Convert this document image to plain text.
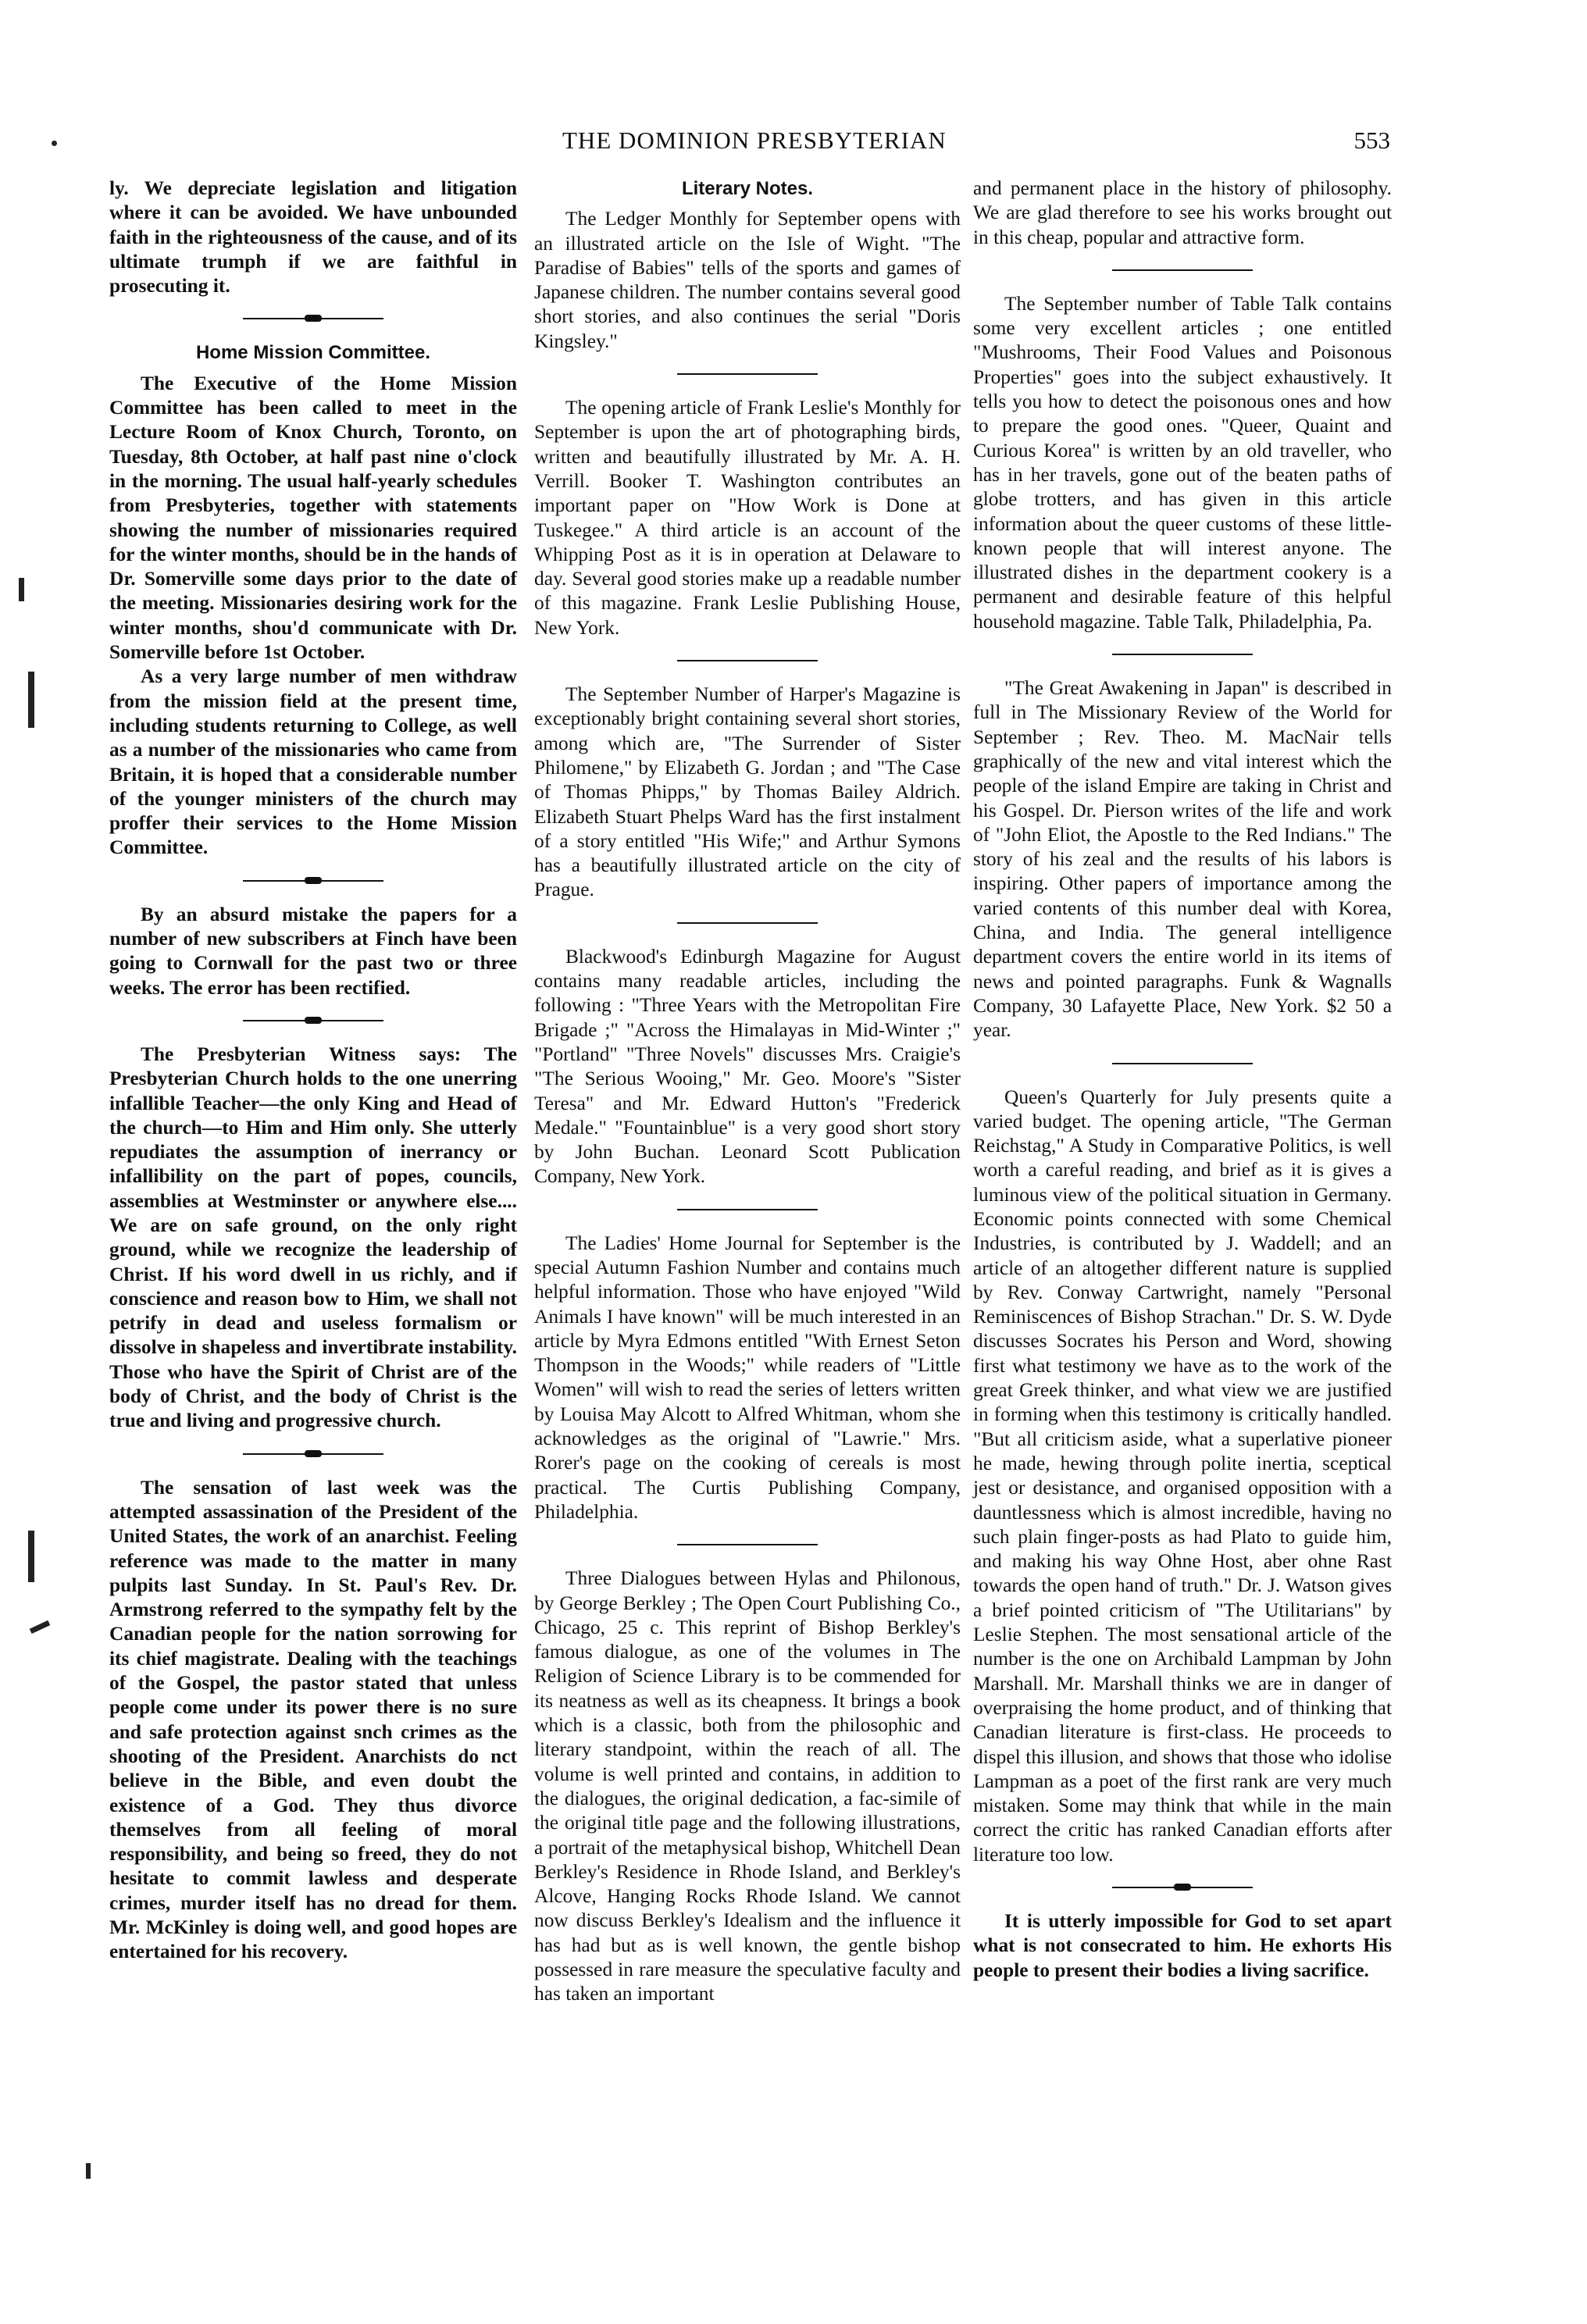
THE DOMINION PRESBYTERIAN	553

ly. We depreciate legislation and litigation where it can be avoided. We have unbounded faith in the righteousness of the cause, and of its ultimate trumph if we are faithful in prosecuting it.

Home Mission Committee.

The Executive of the Home Mission Committee has been called to meet in the Lecture Room of Knox Church, Toronto, on Tuesday, 8th October, at half past nine o'clock in the morning. The usual half-yearly schedules from Presbyteries, together with statements showing the number of missionaries required for the winter months, should be in the hands of Dr. Somerville some days prior to the date of the meeting. Missionaries desiring work for the winter months, shou'd communicate with Dr. Somerville before 1st October.

As a very large number of men withdraw from the mission field at the present time, including students returning to College, as well as a number of the missionaries who came from Britain, it is hoped that a considerable number of the younger ministers of the church may proffer their services to the Home Mission Committee.

By an absurd mistake the papers for a number of new subscribers at Finch have been going to Cornwall for the past two or three weeks. The error has been rectified.

The Presbyterian Witness says: The Presbyterian Church holds to the one unerring infallible Teacher—the only King and Head of the church—to Him and Him only. She utterly repudiates the assumption of inerrancy or infallibility on the part of popes, councils, assemblies at Westminster or anywhere else.... We are on safe ground, on the only right ground, while we recognize the leadership of Christ. If his word dwell in us richly, and if conscience and reason bow to Him, we shall not petrify in dead and useless formalism or dissolve in shapeless and invertibrate instability. Those who have the Spirit of Christ are of the body of Christ, and the body of Christ is the true and living and progressive church.

The sensation of last week was the attempted assassination of the President of the United States, the work of an anarchist. Feeling reference was made to the matter in many pulpits last Sunday. In St. Paul's Rev. Dr. Armstrong referred to the sympathy felt by the Canadian people for the nation sorrowing for its chief magistrate. Dealing with the teachings of the Gospel, the pastor stated that unless people come under its power there is no sure and safe protection against snch crimes as the shooting of the President. Anarchists do nct believe in the Bible, and even doubt the existence of a God. They thus divorce themselves from all feeling of moral responsibility, and being so freed, they do not hesitate to commit lawless and desperate crimes, murder itself has no dread for them. Mr. McKinley is doing well, and good hopes are entertained for his recovery.

Literary Notes.

The Ledger Monthly for September opens with an illustrated article on the Isle of Wight. "The Paradise of Babies" tells of the sports and games of Japanese children. The number contains several good short stories, and also continues the serial "Doris Kingsley."

The opening article of Frank Leslie's Monthly for September is upon the art of photographing birds, written and beautifully illustrated by Mr. A. H. Verrill. Booker T. Washington contributes an important paper on "How Work is Done at Tuskegee." A third article is an account of the Whipping Post as it is in operation at Delaware to day. Several good stories make up a readable number of this magazine. Frank Leslie Publishing House, New York.

The September Number of Harper's Magazine is exceptionably bright containing several short stories, among which are, "The Surrender of Sister Philomene," by Elizabeth G. Jordan ; and "The Case of Thomas Phipps," by Thomas Bailey Aldrich. Elizabeth Stuart Phelps Ward has the first instalment of a story entitled "His Wife;" and Arthur Symons has a beautifully illustrated article on the city of Prague.

Blackwood's Edinburgh Magazine for August contains many readable articles, including the following : "Three Years with the Metropolitan Fire Brigade ;" "Across the Himalayas in Mid-Winter ;" "Portland" "Three Novels" discusses Mrs. Craigie's "The Serious Wooing," Mr. Geo. Moore's "Sister Teresa" and Mr. Edward Hutton's "Frederick Medale." "Fountainblue" is a very good short story by John Buchan. Leonard Scott Publication Company, New York.

The Ladies' Home Journal for September is the special Autumn Fashion Number and contains much helpful information. Those who have enjoyed "Wild Animals I have known" will be much interested in an article by Myra Edmons entitled "With Ernest Seton Thompson in the Woods;" while readers of "Little Women" will wish to read the series of letters written by Louisa May Alcott to Alfred Whitman, whom she acknowledges as the original of "Lawrie." Mrs. Rorer's page on the cooking of cereals is most practical. The Curtis Publishing Company, Philadelphia.

Three Dialogues between Hylas and Philonous, by George Berkley ; The Open Court Publishing Co., Chicago, 25 c. This reprint of Bishop Berkley's famous dialogue, as one of the volumes in The Religion of Science Library is to be commended for its neatness as well as its cheapness. It brings a book which is a classic, both from the philosophic and literary standpoint, within the reach of all. The volume is well printed and contains, in addition to the dialogues, the original dedication, a fac-simile of the original title page and the following illustrations, a portrait of the metaphysical bishop, Whitchell Dean Berkley's Residence in Rhode Island, and Berkley's Alcove, Hanging Rocks Rhode Island. We cannot now discuss Berkley's Idealism and the influence it has had but as is well known, the gentle bishop possessed in rare measure the speculative faculty and has taken an important

and permanent place in the history of philosophy. We are glad therefore to see his works brought out in this cheap, popular and attractive form.

The September number of Table Talk contains some very excellent articles ; one entitled "Mushrooms, Their Food Values and Poisonous Properties" goes into the subject exhaustively. It tells you how to detect the poisonous ones and how to prepare the good ones. "Queer, Quaint and Curious Korea" is written by an old traveller, who has in her travels, gone out of the beaten paths of globe trotters, and has given in this article information about the queer customs of these little-known people that will interest anyone. The illustrated dishes in the department cookery is a permanent and desirable feature of this helpful household magazine. Table Talk, Philadelphia, Pa.

"The Great Awakening in Japan" is described in full in The Missionary Review of the World for September ; Rev. Theo. M. MacNair tells graphically of the new and vital interest which the people of the island Empire are taking in Christ and his Gospel. Dr. Pierson writes of the life and work of "John Eliot, the Apostle to the Red Indians." The story of his zeal and the results of his labors is inspiring. Other papers of importance among the varied contents of this number deal with Korea, China, and India. The general intelligence department covers the entire world in its items of news and pointed paragraphs. Funk & Wagnalls Company, 30 Lafayette Place, New York. $2 50 a year.

Queen's Quarterly for July presents quite a varied budget. The opening article, "The German Reichstag," A Study in Comparative Politics, is well worth a careful reading, and brief as it is gives a luminous view of the political situation in Germany. Economic points connected with some Chemical Industries, is contributed by J. Waddell; and an article of an altogether different nature is supplied by Rev. Conway Cartwright, namely "Personal Reminiscences of Bishop Strachan." Dr. S. W. Dyde discusses Socrates his Person and Word, showing first what testimony we have as to the work of the great Greek thinker, and what view we are justified in forming when this testimony is critically handled. "But all criticism aside, what a superlative pioneer he made, hewing through polite inertia, sceptical jest or desistance, and organised opposition with a dauntlessness which is almost incredible, having no such plain finger-posts as had Plato to guide him, and making his way Ohne Host, aber ohne Rast towards the open hand of truth." Dr. J. Watson gives a brief pointed criticism of "The Utilitarians" by Leslie Stephen. The most sensational article of the number is the one on Archibald Lampman by John Marshall. Mr. Marshall thinks we are in danger of overpraising the home product, and of thinking that Canadian literature is first-class. He proceeds to dispel this illusion, and shows that those who idolise Lampman as a poet of the first rank are very much mistaken. Some may think that while in the main correct the critic has ranked Canadian efforts after literature too low.

It is utterly impossible for God to set apart what is not consecrated to him. He exhorts His people to present their bodies a living sacrifice.
